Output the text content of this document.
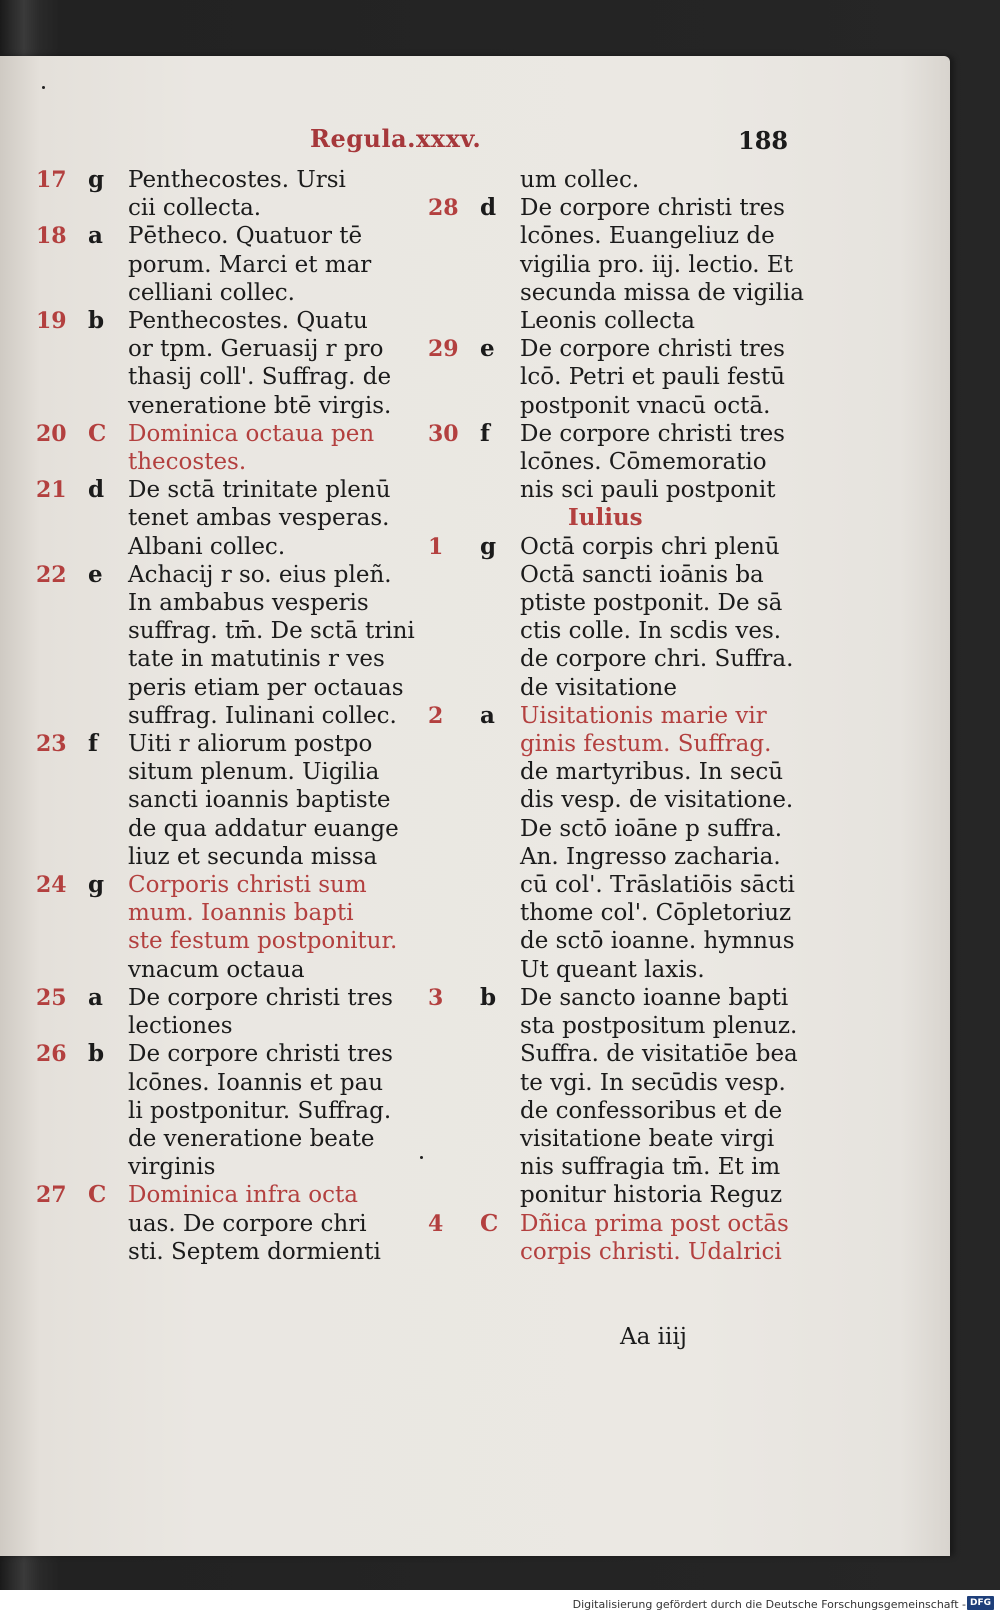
Regula.xxxv.	188
17 g	Penthecostes. Ursi
cii collecta.
18 a	Pētheco. Quatuor tē
porum. Marci et mar
celliani collec.
19 b	Penthecostes. Quatu
or tpm. Geruasij r pro
thasij coll'. Suffrag. de
veneratione btē virgis.
20 C Dominica octaua pen
thecostes.
21 d	De sctā trinitate plenū
tenet ambas vesperas.
Albani collec.
22 e	Achacij r so. eius pleñ.
In ambabus vesperis
suffrag. tm̄. De sctā trini
tate in matutinis r ves
peris etiam per octauas
suffrag. Iulinani collec.
23 f	Uiti r aliorum postpo
situm plenum. Uigilia
sancti ioannis baptiste
de qua addatur euange
liuz et secunda missa
24 g	Corporis christi sum
mum. Ioannis bapti
ste festum postponitur.
vnacum octaua
25 a	De corpore christi tres
lectiones
26 b	De corpore christi tres
lcōnes. Ioannis et pau
li postponitur. Suffrag.
de veneratione beate
virginis
27 C Dominica infra octa
uas. De corpore chri
sti. Septem dormienti
um collec.
28 d	De corpore christi tres
lcōnes. Euangeliuz de
vigilia pro. iij. lectio. Et
secunda missa de vigilia
Leonis collecta
29 e	De corpore christi tres
lcō. Petri et pauli festū
postponit vnacū octā.
30 f	De corpore christi tres
lcōnes. Cōmemoratio
nis sci pauli postponit
Iulius
1	g	Octā corpis chri plenū
Octā sancti ioānis ba
ptiste postponit. De sā
ctis colle. In scdis ves.
de corpore chri. Suffra.
de visitatione
2	a	Uisitationis marie vir
ginis festum. Suffrag.
de martyribus. In secū
dis vesp. de visitatione.
De sctō ioāne p suffra.
An. Ingresso zacharia.
cū col'. Trāslatiōis sācti
thome col'. Cōpletoriuz
de sctō ioanne. hymnus
Ut queant laxis.
3	b	De sancto ioanne bapti
sta postpositum plenuz.
Suffra. de visitatiōe bea
te vgi. In secūdis vesp.
de confessoribus et de
visitatione beate virgi
nis suffragia tm̄. Et im
ponitur historia Reguz
4	C Dñica prima post octās
corpis christi. Udalrici
Aa iiij
Digitalisierung gefördert durch die Deutsche Forschungsgemeinschaft - DFG
